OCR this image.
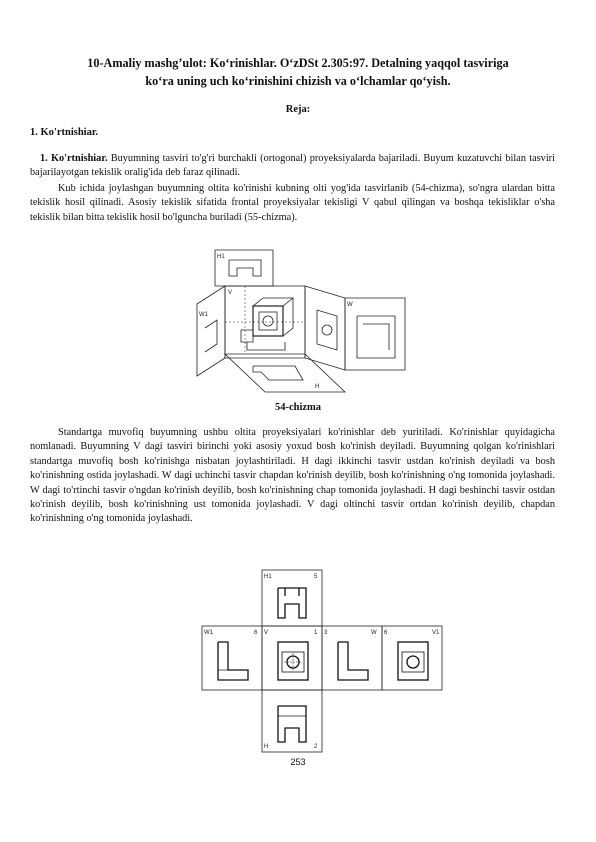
10-Amaliy mashg’ulot: Ko‘rinishlar. O‘zDSt 2.305:97. Detalning yaqqol tasviriga
ko‘ra uning uch ko‘rinishini chizish va o‘lchamlar qo‘yish.
Reja:
1. Ko'rtnishiar.
1. Ko'rtnishiar. Buyumning tasviri to'g'ri burchakli (ortogonal) proyeksiyalarda bajariladi. Buyum kuzatuvchi bilan tasviri bajarilayotgan tekislik oralig'ida deb faraz qilinadi.
Kub ichida joylashgan buyumning oltita ko'rinishi kubning olti yog'ida tasvirlanib (54-chizma), so'ngra ulardan bitta tekislik hosil qilinadi. Asosiy tekislik sifatida frontal proyeksiyalar tekisligi V qabul qilingan va boshqa tekisliklar o'sha tekislik bilan bitta tekislik hosil bo'lguncha buriladi (55-chizma).
H1
W1
V
W
H
54-chizma
Standartga muvofiq buyumning ushbu oltita proyeksiyalari ko'rinishlar deb yuritiladi. Ko'rinishlar quyidagicha nomlanadi. Buyumning V dagi tasviri birinchi yoki asosiy yoxud bosh ko'rinish deyiladi. Buyumning qolgan ko'rinishlari standartga muvofiq bosh ko'rinishga nisbatan joylashtiriladi. H dagi ikkinchi tasvir ustdan ko'rinish deyiladi va bosh ko'rinishning ostida joylashadi. W dagi uchinchi tasvir chapdan ko'rinish deyilib, bosh ko'rinishning o'ng tomonida joylashadi. W dagi to'rtinchi tasvir o'ngdan ko'rinish deyilib, bosh ko'rinishning chap tomonida joylashadi. H dagi beshinchi tasvir ostdan ko'rinish deyilib, bosh ko'rinishning ust tomonida joylashadi. V dagi oltinchi tasvir ortdan ko'rinish deyilib, chapdan ko'rinishning o'ng tomonida joylashadi.
H1	5
W1	6 V	1 3	W 6	V1
H	2
253
